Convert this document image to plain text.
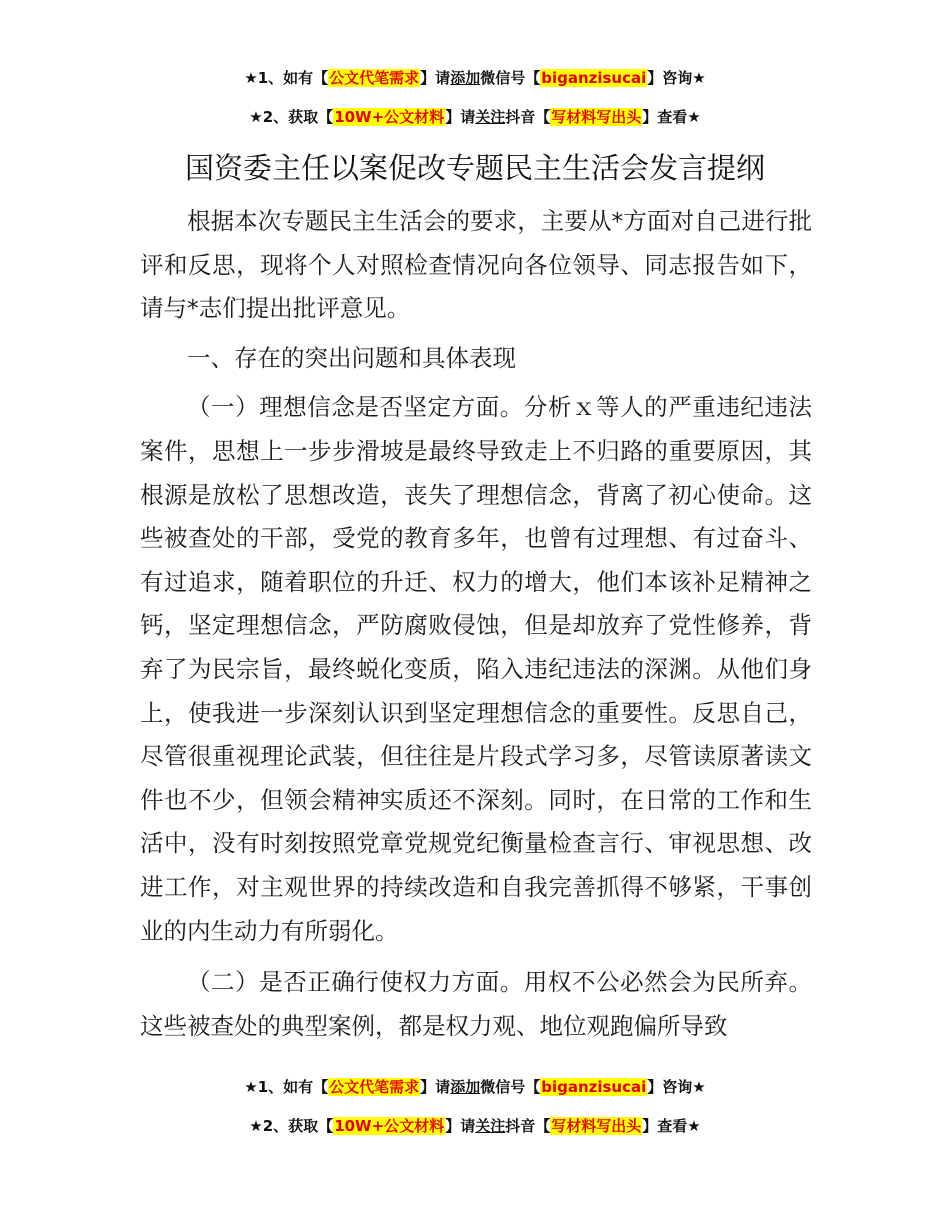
★1、如有【公文代笔需求】请添加微信号【biganzisucai】咨询★
★2、获取【10W+公文材料】请关注抖音【写材料写出头】查看★
国资委主任以案促改专题民主生活会发言提纲

根据本次专题民主生活会的要求，主要从*方面对自己进行批评和反思，现将个人对照检查情况向各位领导、同志报告如下，请与*志们提出批评意见。

一、存在的突出问题和具体表现

（一）理想信念是否坚定方面。分析ｘ等人的严重违纪违法案件，思想上一步步滑坡是最终导致走上不归路的重要原因，其根源是放松了思想改造，丧失了理想信念，背离了初心使命。这些被查处的干部，受党的教育多年，也曾有过理想、有过奋斗、有过追求，随着职位的升迁、权力的增大，他们本该补足精神之钙，坚定理想信念，严防腐败侵蚀，但是却放弃了党性修养，背弃了为民宗旨，最终蜕化变质，陷入违纪违法的深渊。从他们身上，使我进一步深刻认识到坚定理想信念的重要性。反思自己，尽管很重视理论武装，但往往是片段式学习多，尽管读原著读文件也不少，但领会精神实质还不深刻。同时，在日常的工作和生活中，没有时刻按照党章党规党纪衡量检查言行、审视思想、改进工作，对主观世界的持续改造和自我完善抓得不够紧，干事创业的内生动力有所弱化。

（二）是否正确行使权力方面。用权不公必然会为民所弃。这些被查处的典型案例，都是权力观、地位观跑偏所导致

★1、如有【公文代笔需求】请添加微信号【biganzisucai】咨询★
★2、获取【10W+公文材料】请关注抖音【写材料写出头】查看★
